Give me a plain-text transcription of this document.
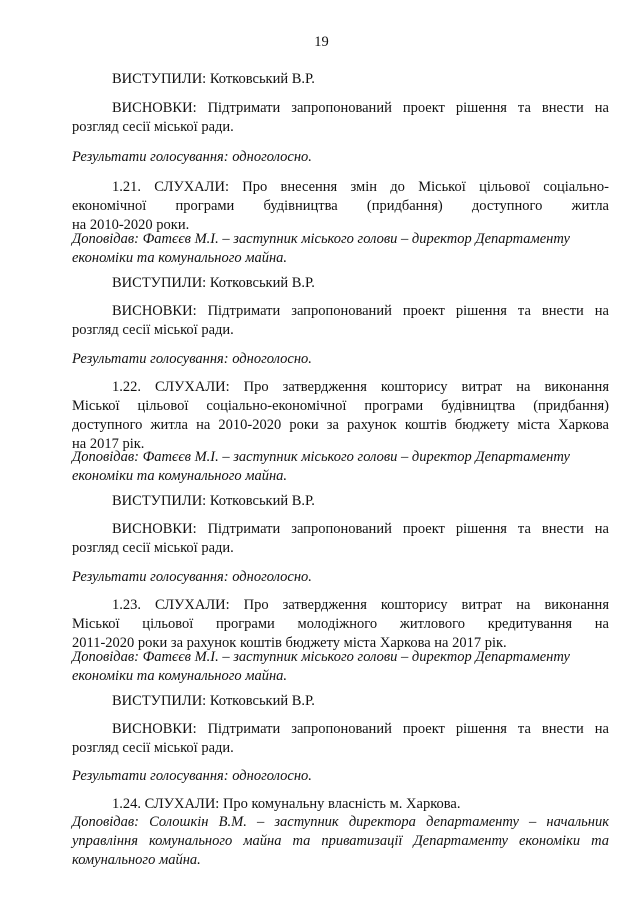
19
ВИСТУПИЛИ: Котковський В.Р.
ВИСНОВКИ: Підтримати запропонований проект рішення та внести на
розгляд сесії міської ради.
Результати голосування: одноголосно.
1.21. СЛУХАЛИ: Про внесення змін до Міської цільової соціально-
економічної програми будівництва (придбання) доступного житла
на 2010-2020 роки.
Доповідав: Фатєєв М.І. – заступник міського голови – директор Департаменту
економіки та комунального майна.
ВИСТУПИЛИ: Котковський В.Р.
ВИСНОВКИ: Підтримати запропонований проект рішення та внести на
розгляд сесії міської ради.
Результати голосування: одноголосно.
1.22. СЛУХАЛИ: Про затвердження кошторису витрат на виконання
Міської цільової соціально-економічної програми будівництва (придбання)
доступного житла на 2010-2020 роки за рахунок коштів бюджету міста Харкова
на 2017 рік.
Доповідав: Фатєєв М.І. – заступник міського голови – директор Департаменту
економіки та комунального майна.
ВИСТУПИЛИ: Котковський В.Р.
ВИСНОВКИ: Підтримати запропонований проект рішення та внести на
розгляд сесії міської ради.
Результати голосування: одноголосно.
1.23. СЛУХАЛИ: Про затвердження кошторису витрат на виконання
Міської цільової програми молодіжного житлового кредитування на
2011-2020 роки за рахунок коштів бюджету міста Харкова на 2017 рік.
Доповідав: Фатєєв М.І. – заступник міського голови – директор Департаменту
економіки та комунального майна.
ВИСТУПИЛИ: Котковський В.Р.
ВИСНОВКИ: Підтримати запропонований проект рішення та внести на
розгляд сесії міської ради.
Результати голосування: одноголосно.
1.24. СЛУХАЛИ: Про комунальну власність м. Харкова.
Доповідав: Солошкін В.М. – заступник директора департаменту – начальник
управління комунального майна та приватизації Департаменту економіки та
комунального майна.
